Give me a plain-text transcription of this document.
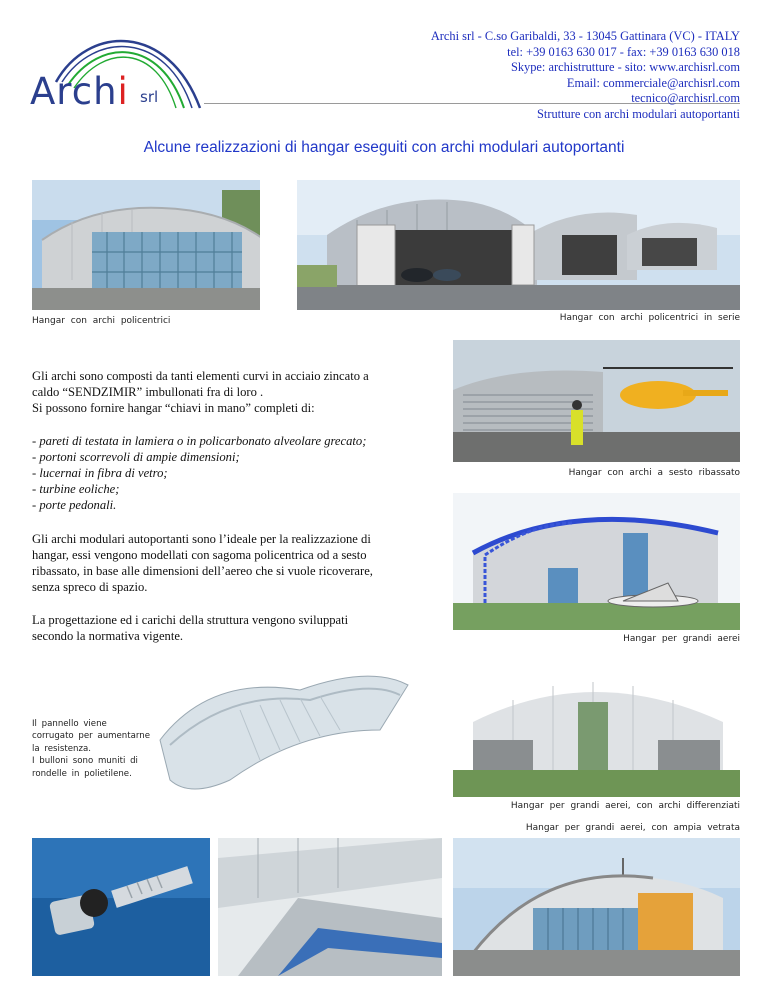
Archi srl
Archi srl - C.so Garibaldi, 33 - 13045 Gattinara (VC) - ITALY
tel: +39 0163 630 017 - fax: +39 0163 630 018
Skype: archistrutture - sito: www.archisrl.com
Email: commerciale@archisrl.com
tecnico@archisrl.com
Strutture con archi modulari autoportanti
Alcune realizzazioni di hangar eseguiti con archi modulari autoportanti
Hangar con archi policentrici	Hangar con archi policentrici in serie
Gli archi sono composti da tanti elementi curvi in acciaio zincato a
caldo “SENDZIMIR” imbullonati fra di loro .
Si possono fornire hangar “chiavi in mano” completi di:
- pareti di testata in lamiera o in policarbonato alveolare grecato;
- portoni scorrevoli di ampie dimensioni;
- lucernai in fibra di vetro;
- turbine eoliche;
- porte pedonali.
Gli archi modulari autoportanti sono l’ideale per la realizzazione di
hangar, essi vengono modellati con sagoma policentrica od a sesto
ribassato, in base alle dimensioni dell’aereo che si vuole ricoverare,
senza spreco di spazio.
La progettazione ed i carichi della struttura vengono sviluppati
secondo la normativa vigente.
Hangar con archi a sesto ribassato
Hangar per grandi aerei
Il pannello viene
corrugato per aumentarne
la resistenza.
I bulloni sono muniti di
rondelle in polietilene.
Hangar per grandi aerei, con archi differenziati
Hangar per grandi aerei, con ampia vetrata
